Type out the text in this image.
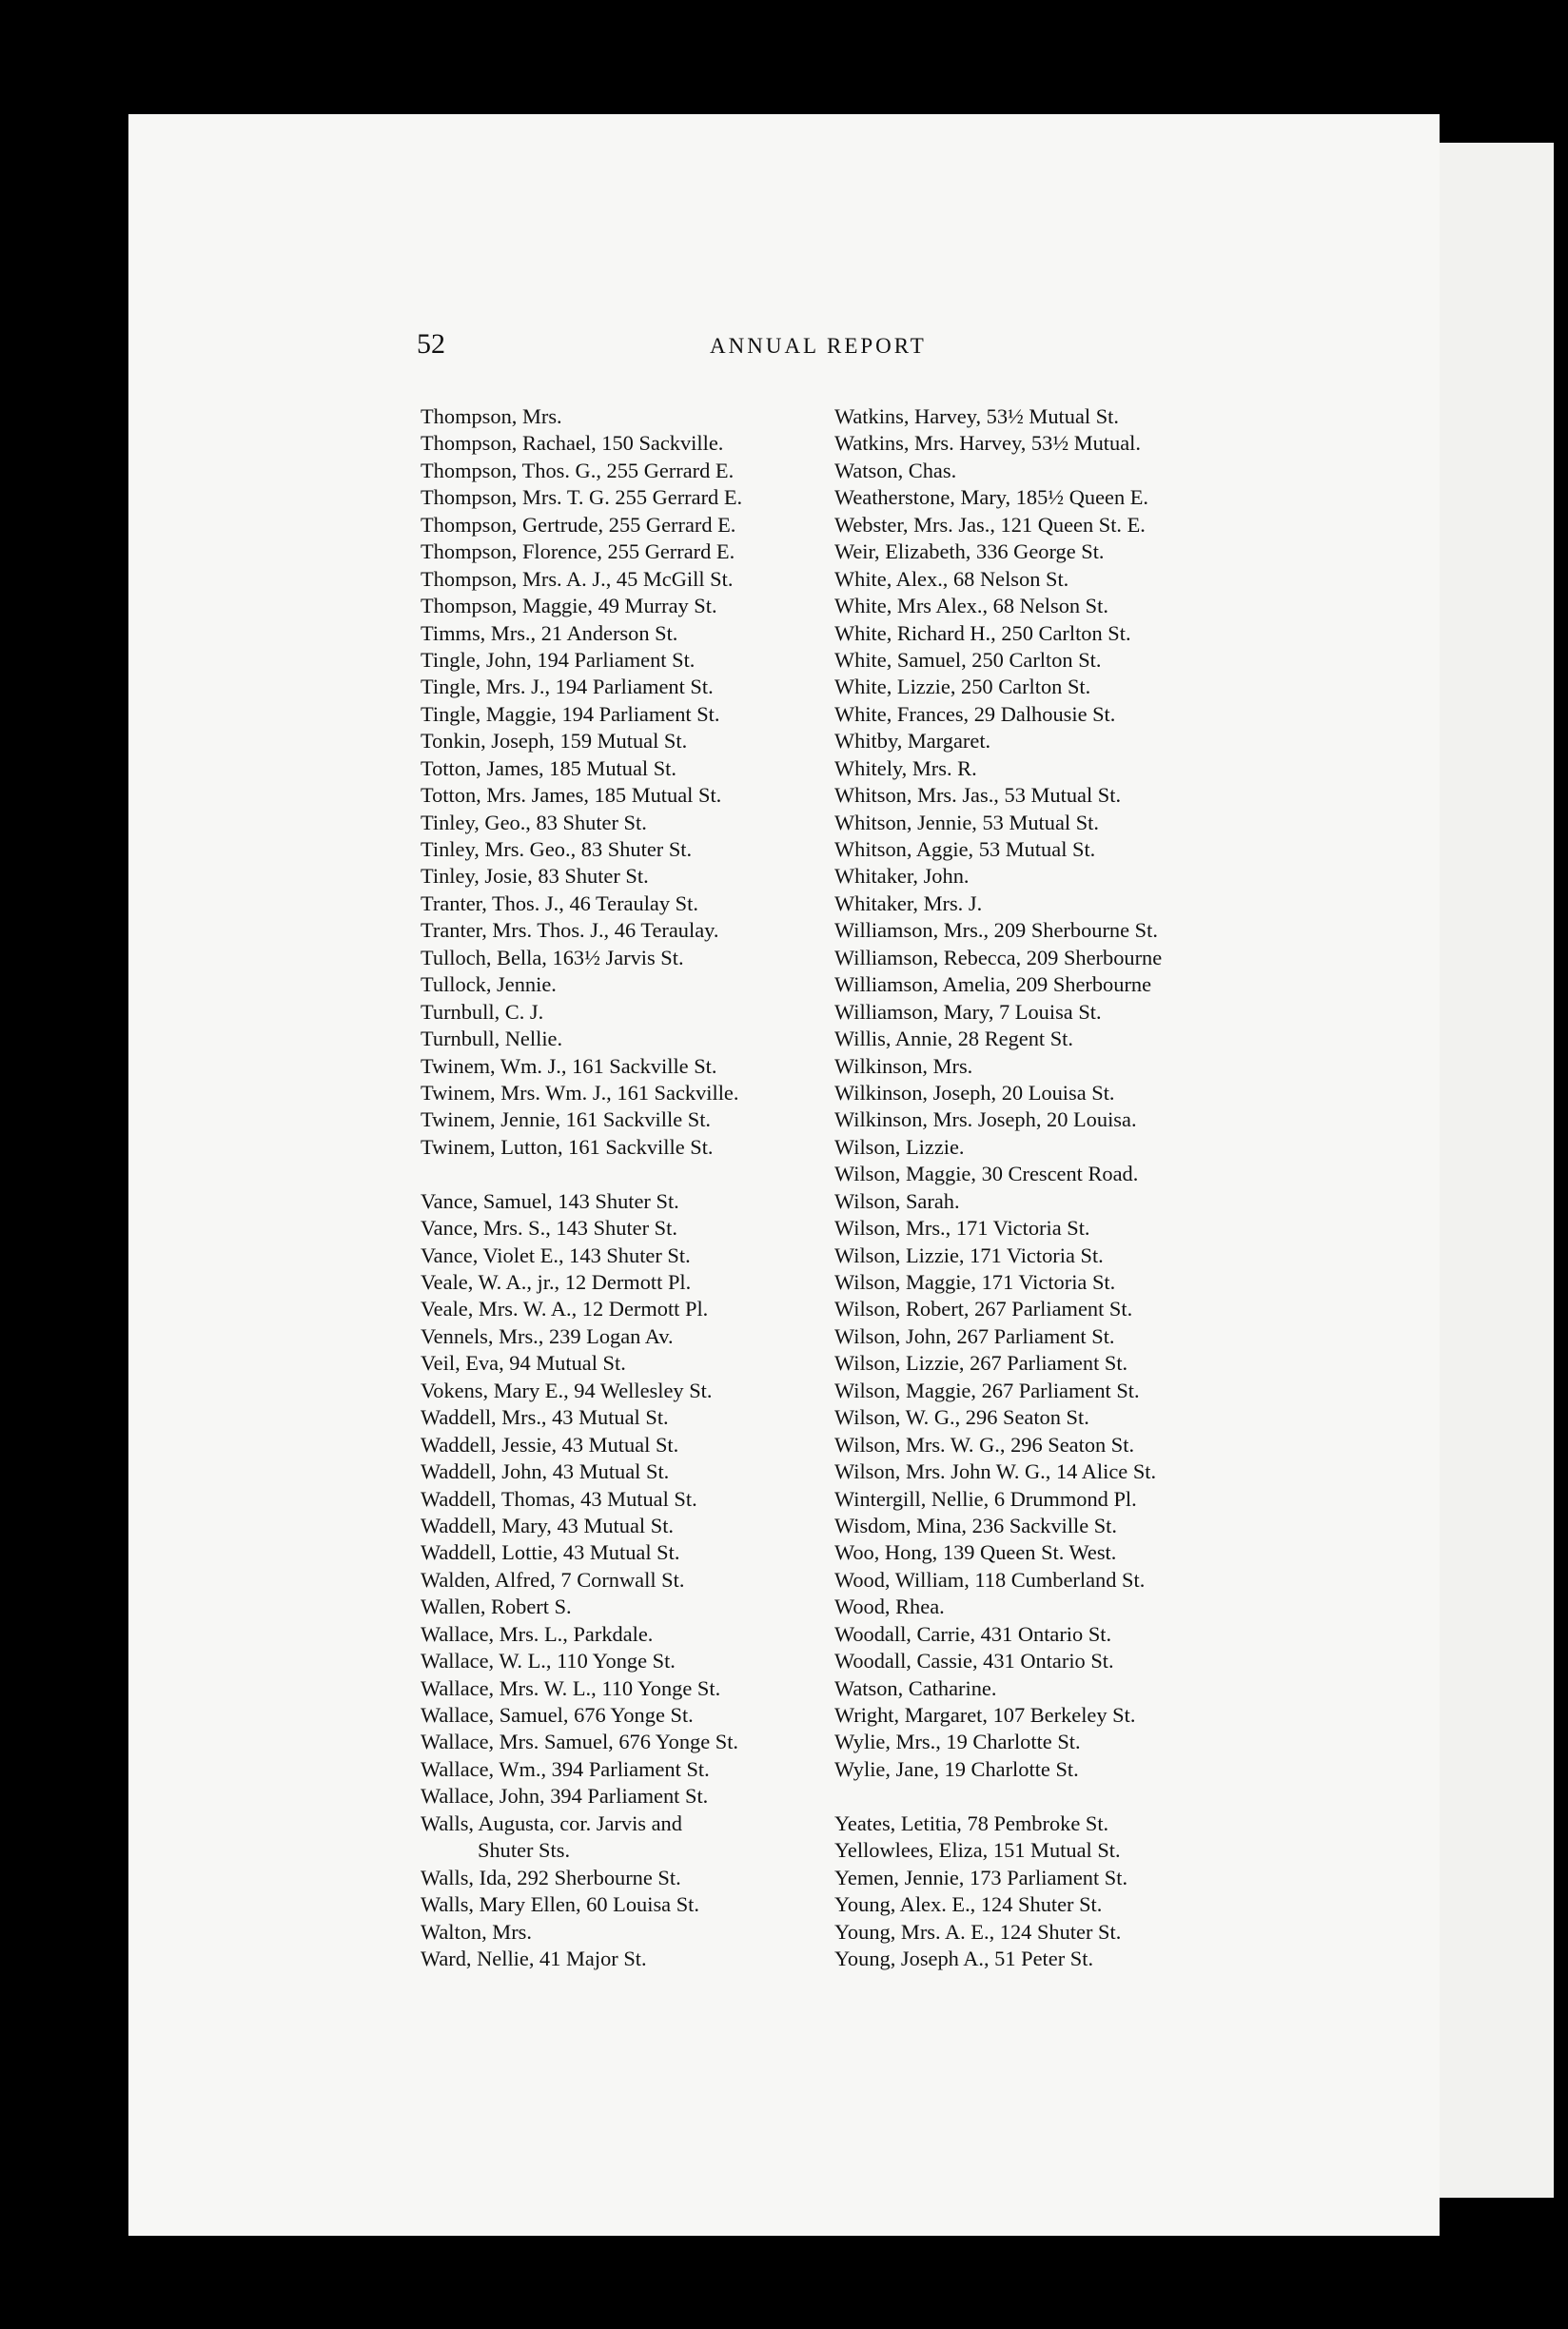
52	ANNUAL REPORT
Thompson, Mrs.
Thompson, Rachael, 150 Sackville.
Thompson, Thos. G., 255 Gerrard E.
Thompson, Mrs. T. G. 255 Gerrard E.
Thompson, Gertrude, 255 Gerrard E.
Thompson, Florence, 255 Gerrard E.
Thompson, Mrs. A. J., 45 McGill St.
Thompson, Maggie, 49 Murray St.
Timms, Mrs., 21 Anderson St.
Tingle, John, 194 Parliament St.
Tingle, Mrs. J., 194 Parliament St.
Tingle, Maggie, 194 Parliament St.
Tonkin, Joseph, 159 Mutual St.
Totton, James, 185 Mutual St.
Totton, Mrs. James, 185 Mutual St.
Tinley, Geo., 83 Shuter St.
Tinley, Mrs. Geo., 83 Shuter St.
Tinley, Josie, 83 Shuter St.
Tranter, Thos. J., 46 Teraulay St.
Tranter, Mrs. Thos. J., 46 Teraulay.
Tulloch, Bella, 163½ Jarvis St.
Tullock, Jennie.
Turnbull, C. J.
Turnbull, Nellie.
Twinem, Wm. J., 161 Sackville St.
Twinem, Mrs. Wm. J., 161 Sackville.
Twinem, Jennie, 161 Sackville St.
Twinem, Lutton, 161 Sackville St.
Vance, Samuel, 143 Shuter St.
Vance, Mrs. S., 143 Shuter St.
Vance, Violet E., 143 Shuter St.
Veale, W. A., jr., 12 Dermott Pl.
Veale, Mrs. W. A., 12 Dermott Pl.
Vennels, Mrs., 239 Logan Av.
Veil, Eva, 94 Mutual St.
Vokens, Mary E., 94 Wellesley St.
Waddell, Mrs., 43 Mutual St.
Waddell, Jessie, 43 Mutual St.
Waddell, John, 43 Mutual St.
Waddell, Thomas, 43 Mutual St.
Waddell, Mary, 43 Mutual St.
Waddell, Lottie, 43 Mutual St.
Walden, Alfred, 7 Cornwall St.
Wallen, Robert S.
Wallace, Mrs. L., Parkdale.
Wallace, W. L., 110 Yonge St.
Wallace, Mrs. W. L., 110 Yonge St.
Wallace, Samuel, 676 Yonge St.
Wallace, Mrs. Samuel, 676 Yonge St.
Wallace, Wm., 394 Parliament St.
Wallace, John, 394 Parliament St.
Walls, Augusta, cor. Jarvis and
Shuter Sts.
Walls, Ida, 292 Sherbourne St.
Walls, Mary Ellen, 60 Louisa St.
Walton, Mrs.
Ward, Nellie, 41 Major St.
Watkins, Harvey, 53½ Mutual St.
Watkins, Mrs. Harvey, 53½ Mutual.
Watson, Chas.
Weatherstone, Mary, 185½ Queen E.
Webster, Mrs. Jas., 121 Queen St. E.
Weir, Elizabeth, 336 George St.
White, Alex., 68 Nelson St.
White, Mrs Alex., 68 Nelson St.
White, Richard H., 250 Carlton St.
White, Samuel, 250 Carlton St.
White, Lizzie, 250 Carlton St.
White, Frances, 29 Dalhousie St.
Whitby, Margaret.
Whitely, Mrs. R.
Whitson, Mrs. Jas., 53 Mutual St.
Whitson, Jennie, 53 Mutual St.
Whitson, Aggie, 53 Mutual St.
Whitaker, John.
Whitaker, Mrs. J.
Williamson, Mrs., 209 Sherbourne St.
Williamson, Rebecca, 209 Sherbourne
Williamson, Amelia, 209 Sherbourne
Williamson, Mary, 7 Louisa St.
Willis, Annie, 28 Regent St.
Wilkinson, Mrs.
Wilkinson, Joseph, 20 Louisa St.
Wilkinson, Mrs. Joseph, 20 Louisa.
Wilson, Lizzie.
Wilson, Maggie, 30 Crescent Road.
Wilson, Sarah.
Wilson, Mrs., 171 Victoria St.
Wilson, Lizzie, 171 Victoria St.
Wilson, Maggie, 171 Victoria St.
Wilson, Robert, 267 Parliament St.
Wilson, John, 267 Parliament St.
Wilson, Lizzie, 267 Parliament St.
Wilson, Maggie, 267 Parliament St.
Wilson, W. G., 296 Seaton St.
Wilson, Mrs. W. G., 296 Seaton St.
Wilson, Mrs. John W. G., 14 Alice St.
Wintergill, Nellie, 6 Drummond Pl.
Wisdom, Mina, 236 Sackville St.
Woo, Hong, 139 Queen St. West.
Wood, William, 118 Cumberland St.
Wood, Rhea.
Woodall, Carrie, 431 Ontario St.
Woodall, Cassie, 431 Ontario St.
Watson, Catharine.
Wright, Margaret, 107 Berkeley St.
Wylie, Mrs., 19 Charlotte St.
Wylie, Jane, 19 Charlotte St.
Yeates, Letitia, 78 Pembroke St.
Yellowlees, Eliza, 151 Mutual St.
Yemen, Jennie, 173 Parliament St.
Young, Alex. E., 124 Shuter St.
Young, Mrs. A. E., 124 Shuter St.
Young, Joseph A., 51 Peter St.
